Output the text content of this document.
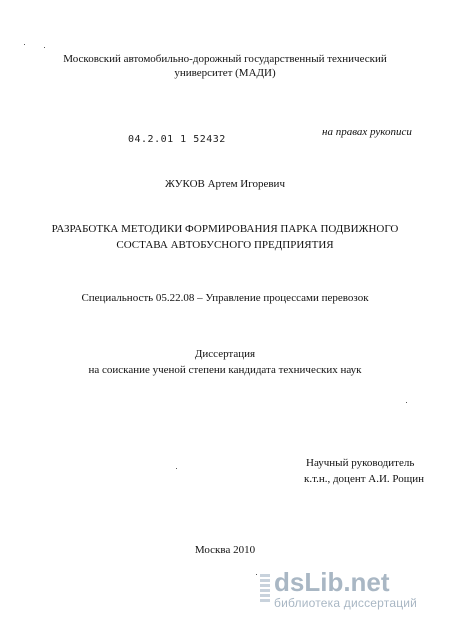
Московский автомобильно-дорожный государственный технический
университет (МАДИ)
04.2.01 1 52432
на правах рукописи
ЖУКОВ Артем Игоревич
РАЗРАБОТКА МЕТОДИКИ ФОРМИРОВАНИЯ ПАРКА ПОДВИЖНОГО
СОСТАВА АВТОБУСНОГО ПРЕДПРИЯТИЯ
Специальность 05.22.08 – Управление процессами перевозок
Диссертация
на соискание ученой степени кандидата технических наук
Научный руководитель
к.т.н., доцент А.И. Рощин
Москва 2010
dsLib.net
библиотека диссертаций
